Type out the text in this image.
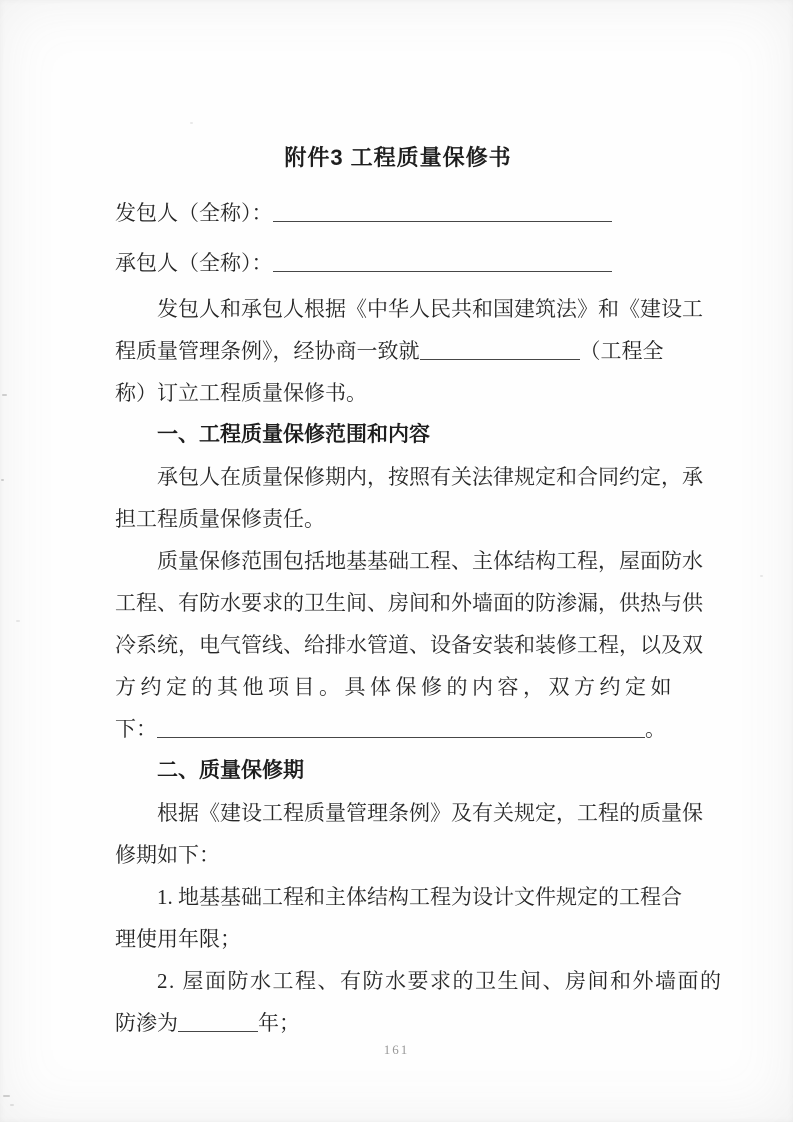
附件3 工程质量保修书
发包人（全称）：
承包人（全称）：
发包人和承包人根据《中华人民共和国建筑法》和《建设工
程质量管理条例》，经协商一致就	（工程全
称）订立工程质量保修书。
一、工程质量保修范围和内容
承包人在质量保修期内，按照有关法律规定和合同约定，承
担工程质量保修责任。
质量保修范围包括地基基础工程、主体结构工程，屋面防水
工程、有防水要求的卫生间、房间和外墙面的防渗漏，供热与供
冷系统，电气管线、给排水管道、设备安装和装修工程，以及双
方约定的其他项目。具体保修的内容，双方约定如
下：	。
二、质量保修期
根据《建设工程质量管理条例》及有关规定，工程的质量保
修期如下：
1. 地基基础工程和主体结构工程为设计文件规定的工程合
理使用年限；
2. 屋面防水工程、有防水要求的卫生间、房间和外墙面的
防渗为	年；
161
